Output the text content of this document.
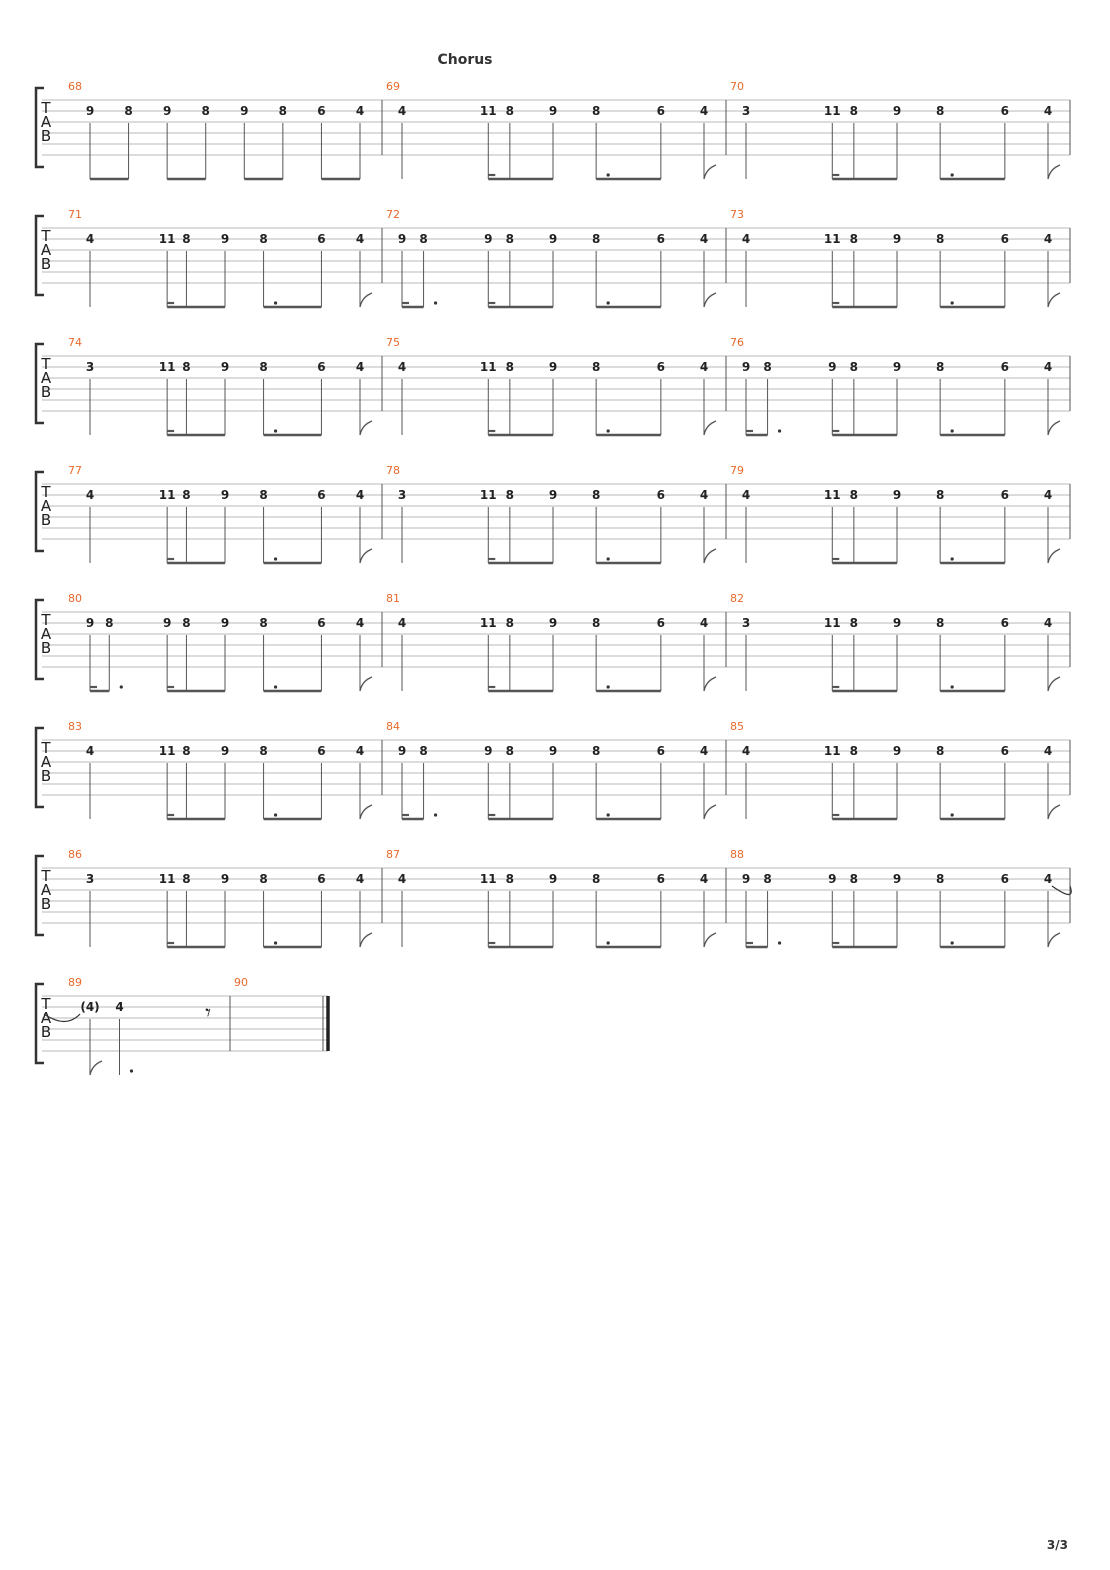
Chorus
T
A
B
68
9	8	9	8	9	8	6	4
69
4	11 8	9	8	6	4
70
3	11 8	9	8	6	4
T
A
B
71
4	11 8	9	8	6	4
72
9 8	9 8	9	8	6	4
73
4	11 8	9	8	6	4
T
A
B
74
3	11 8	9	8	6	4
75
4	11 8	9	8	6	4
76
9 8	9 8	9	8	6	4
T
A
B
77
4	11 8	9	8	6	4
78
3	11 8	9	8	6	4
79
4	11 8	9	8	6	4
T
A
B
80
9 8	9 8	9	8	6	4
81
4	11 8	9	8	6	4
82
3	11 8	9	8	6	4
T
A
B
83
4	11 8	9	8	6	4
84
9 8	9 8	9	8	6	4
85
4	11 8	9	8	6	4
T
A
B
86
3	11 8	9	8	6	4
87
4	11 8	9	8	6	4
88
9 8	9 8	9	8	6	4
T
A
B
89
(4) 4	𝄾
90
3/3
